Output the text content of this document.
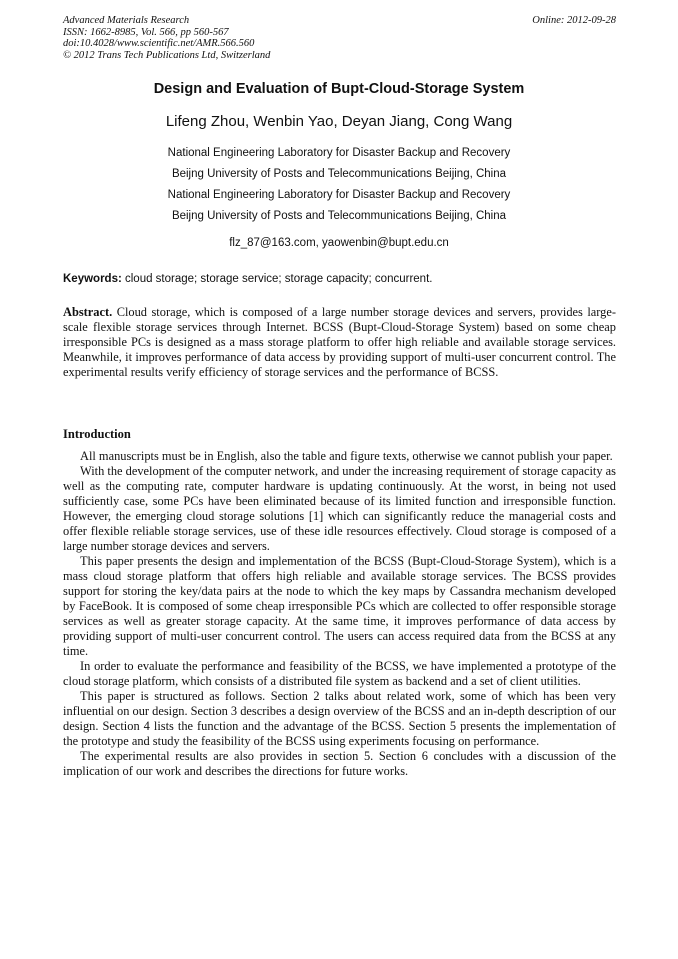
Advanced Materials Research
ISSN: 1662-8985, Vol. 566, pp 560-567
doi:10.4028/www.scientific.net/AMR.566.560
© 2012 Trans Tech Publications Ltd, Switzerland
Online: 2012-09-28
Design and Evaluation of Bupt-Cloud-Storage System
Lifeng Zhou, Wenbin Yao, Deyan Jiang, Cong Wang
National Engineering Laboratory for Disaster Backup and Recovery
Beijng University of Posts and Telecommunications Beijing, China
National Engineering Laboratory for Disaster Backup and Recovery
Beijng University of Posts and Telecommunications Beijing, China
flz_87@163.com, yaowenbin@bupt.edu.cn
Keywords: cloud storage; storage service; storage capacity; concurrent.
Abstract. Cloud storage, which is composed of a large number storage devices and servers, provides large-scale flexible storage services through Internet. BCSS (Bupt-Cloud-Storage System) based on some cheap irresponsible PCs is designed as a mass storage platform to offer high reliable and available storage services. Meanwhile, it improves performance of data access by providing support of multi-user concurrent control. The experimental results verify efficiency of storage services and the performance of BCSS.
Introduction

All manuscripts must be in English, also the table and figure texts, otherwise we cannot publish your paper.

With the development of the computer network, and under the increasing requirement of storage capacity as well as the computing rate, computer hardware is updating continuously. At the worst, in being not used sufficiently case, some PCs have been eliminated because of its limited function and irresponsible function. However, the emerging cloud storage solutions [1] which can significantly reduce the managerial costs and offer flexible reliable storage services, use of these idle resources effectively. Cloud storage is composed of a large number storage devices and servers.

This paper presents the design and implementation of the BCSS (Bupt-Cloud-Storage System), which is a mass cloud storage platform that offers high reliable and available storage services. The BCSS provides support for storing the key/data pairs at the node to which the key maps by Cassandra mechanism developed by FaceBook. It is composed of some cheap irresponsible PCs which are collected to offer responsible storage services as well as greater storage capacity. At the same time, it improves performance of data access by providing support of multi-user concurrent control. The users can access required data from the BCSS at any time.

In order to evaluate the performance and feasibility of the BCSS, we have implemented a prototype of the cloud storage platform, which consists of a distributed file system as backend and a set of client utilities.

This paper is structured as follows. Section 2 talks about related work, some of which has been very influential on our design. Section 3 describes a design overview of the BCSS and an in-depth description of our design. Section 4 lists the function and the advantage of the BCSS. Section 5 presents the implementation of the prototype and study the feasibility of the BCSS using experiments focusing on performance.

The experimental results are also provides in section 5. Section 6 concludes with a discussion of the implication of our work and describes the directions for future works.
